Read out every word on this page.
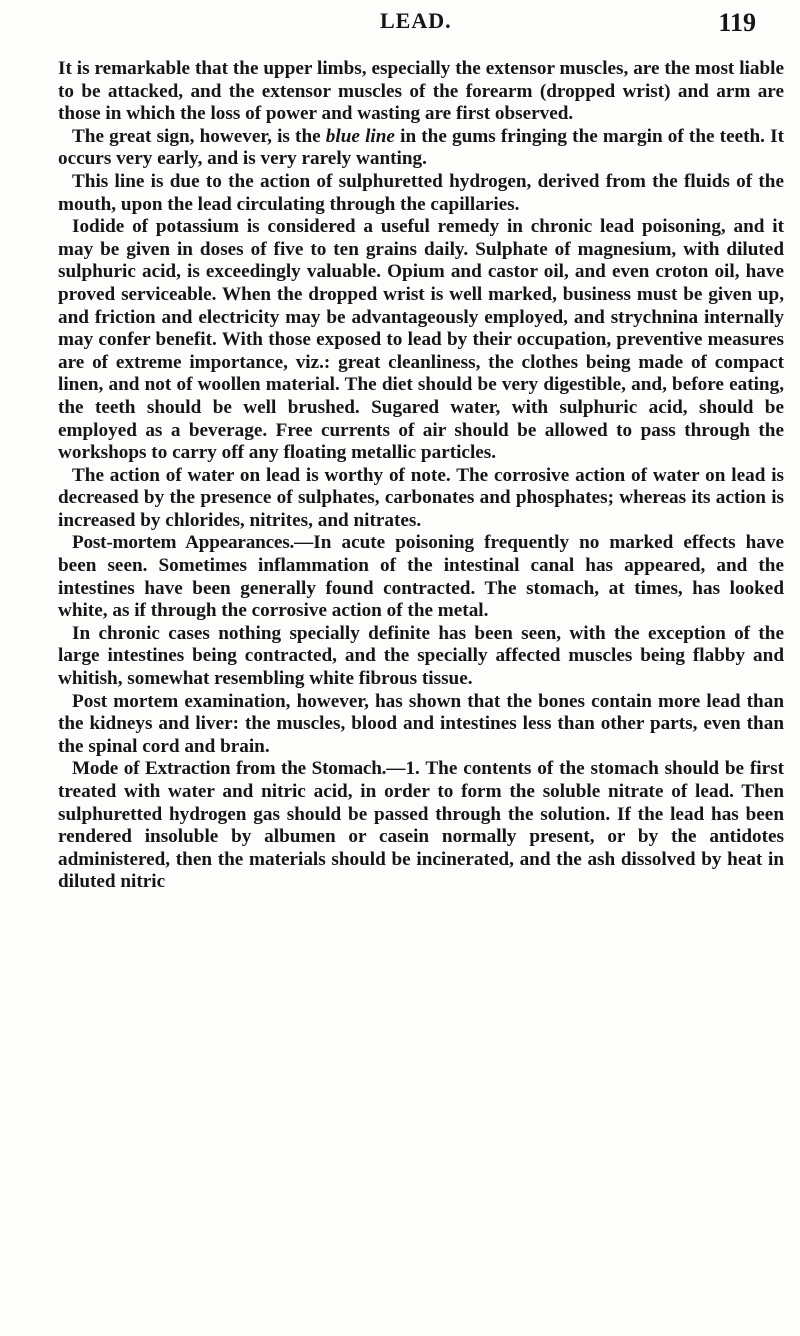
LEAD.	119

It is remarkable that the upper limbs, especially the extensor muscles, are the most liable to be attacked, and the extensor muscles of the forearm (dropped wrist) and arm are those in which the loss of power and wasting are first observed.

The great sign, however, is the blue line in the gums fringing the margin of the teeth. It occurs very early, and is very rarely wanting.

This line is due to the action of sulphuretted hydrogen, derived from the fluids of the mouth, upon the lead circulating through the capillaries.

Iodide of potassium is considered a useful remedy in chronic lead poisoning, and it may be given in doses of five to ten grains daily. Sulphate of magnesium, with diluted sulphuric acid, is exceedingly valuable. Opium and castor oil, and even croton oil, have proved serviceable. When the dropped wrist is well marked, business must be given up, and friction and electricity may be advantageously employed, and strychnina internally may confer benefit. With those exposed to lead by their occupation, preventive measures are of extreme importance, viz.: great cleanliness, the clothes being made of compact linen, and not of woollen material. The diet should be very digestible, and, before eating, the teeth should be well brushed. Sugared water, with sulphuric acid, should be employed as a beverage. Free currents of air should be allowed to pass through the workshops to carry off any floating metallic particles.

The action of water on lead is worthy of note. The corrosive action of water on lead is decreased by the presence of sulphates, carbonates and phosphates; whereas its action is increased by chlorides, nitrites, and nitrates.

Post-mortem Appearances.—In acute poisoning frequently no marked effects have been seen. Sometimes inflammation of the intestinal canal has appeared, and the intestines have been generally found contracted. The stomach, at times, has looked white, as if through the corrosive action of the metal.

In chronic cases nothing specially definite has been seen, with the exception of the large intestines being contracted, and the specially affected muscles being flabby and whitish, somewhat resembling white fibrous tissue.

Post mortem examination, however, has shown that the bones contain more lead than the kidneys and liver: the muscles, blood and intestines less than other parts, even than the spinal cord and brain.

Mode of Extraction from the Stomach.—1. The contents of the stomach should be first treated with water and nitric acid, in order to form the soluble nitrate of lead. Then sulphuretted hydrogen gas should be passed through the solution. If the lead has been rendered insoluble by albumen or casein normally present, or by the antidotes administered, then the materials should be incinerated, and the ash dissolved by heat in diluted nitric
